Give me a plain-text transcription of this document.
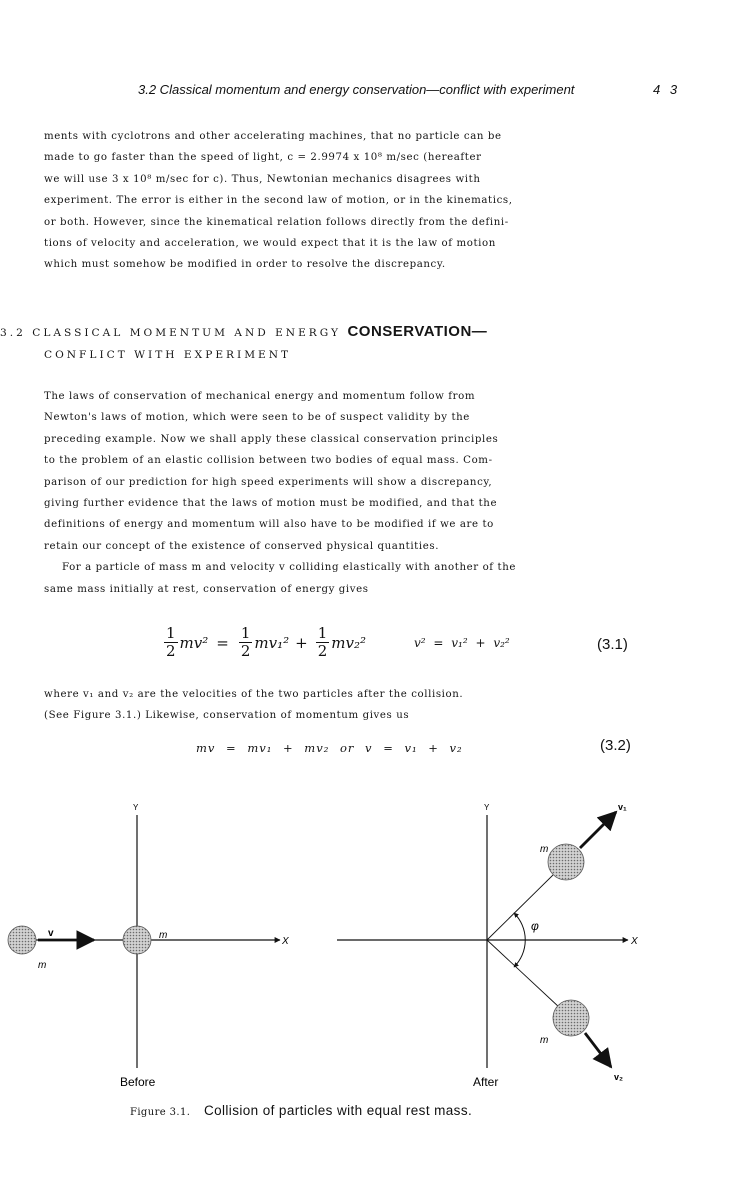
3.2 Classical momentum and energy conservation—conflict with experiment	4 3

ments with cyclotrons and other accelerating machines, that no particle can be

made to go faster than the speed of light, c = 2.9974 x 10⁸ m/sec (hereafter

we will use 3 x 10⁸ m/sec for c). Thus, Newtonian mechanics disagrees with

experiment. The error is either in the second law of motion, or in the kinematics,

or both. However, since the kinematical relation follows directly from the defini-

tions of velocity and acceleration, we would expect that it is the law of motion

which must somehow be modified in order to resolve the discrepancy.

3.2 CLASSICAL MOMENTUM AND ENERGY CONSERVATION—
CONFLICT WITH EXPERIMENT

The laws of conservation of mechanical energy and momentum follow from

Newton's laws of motion, which were seen to be of suspect validity by the

preceding example. Now we shall apply these classical conservation principles

to the problem of an elastic collision between two bodies of equal mass. Com-

parison of our prediction for high speed experiments will show a discrepancy,

giving further evidence that the laws of motion must be modified, and that the

definitions of energy and momentum will also have to be modified if we are to

retain our concept of the existence of conserved physical quantities.

For a particle of mass m and velocity v colliding elastically with another of the

same mass initially at rest, conservation of energy gives

$\frac{1}{2} mv^2 = \frac{1}{2} mv_1^2 + \frac{1}{2} mv_2^2$	v² = v₁² + v₂²	(3.1)

where v₁ and v₂ are the velocities of the two particles after the collision.

(See Figure 3.1.) Likewise, conservation of momentum gives us

mv = mv₁ + mv₂ or v = v₁ + v₂	(3.2)
Y
X
v
m
m
Before
Y
X
φ
v₁
m
v₂
m
After
Figure 3.1. Collision of particles with equal rest mass.
